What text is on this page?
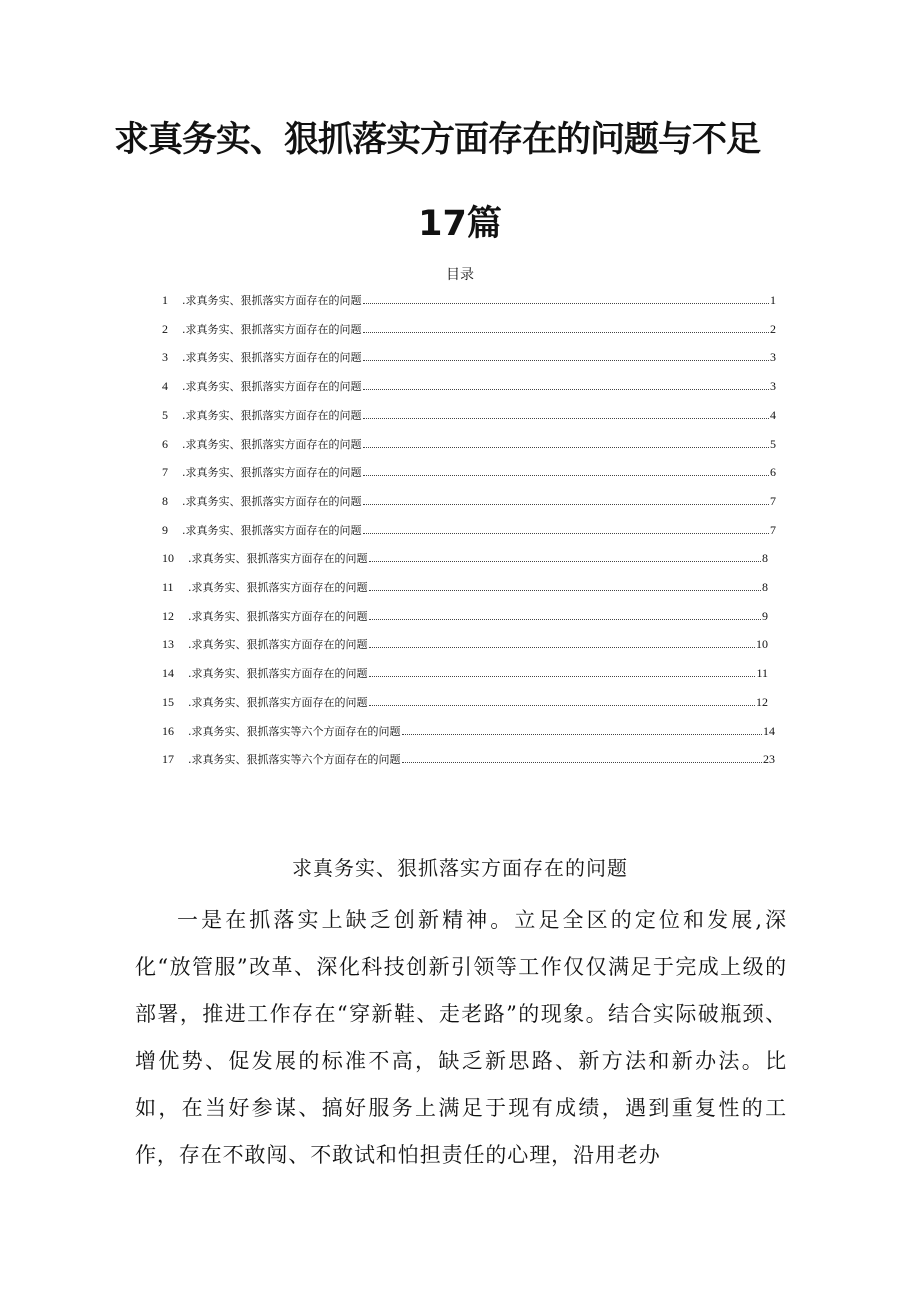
求真务实、狠抓落实方面存在的问题与不足
17篇
目录
1	.求真务实、狠抓落实方面存在的问题	1
2	.求真务实、狠抓落实方面存在的问题	2
3	.求真务实、狠抓落实方面存在的问题	3
4	.求真务实、狠抓落实方面存在的问题	3
5	.求真务实、狠抓落实方面存在的问题	4
6	.求真务实、狠抓落实方面存在的问题	5
7	.求真务实、狠抓落实方面存在的问题	6
8	.求真务实、狠抓落实方面存在的问题	7
9	.求真务实、狠抓落实方面存在的问题	7
10	.求真务实、狠抓落实方面存在的问题	8
11	.求真务实、狠抓落实方面存在的问题	8
12	.求真务实、狠抓落实方面存在的问题	9
13	.求真务实、狠抓落实方面存在的问题	10
14	.求真务实、狠抓落实方面存在的问题	11
15	.求真务实、狠抓落实方面存在的问题	12
16	.求真务实、狠抓落实等六个方面存在的问题	14
17	.求真务实、狠抓落实等六个方面存在的问题	23
求真务实、狠抓落实方面存在的问题

一是在抓落实上缺乏创新精神。立足全区的定位和发展,深化“放管服”改革、深化科技创新引领等工作仅仅满足于完成上级的部署，推进工作存在“穿新鞋、走老路”的现象。结合实际破瓶颈、增优势、促发展的标准不高，缺乏新思路、新方法和新办法。比如，在当好参谋、搞好服务上满足于现有成绩，遇到重复性的工作，存在不敢闯、不敢试和怕担责任的心理，沿用老办
